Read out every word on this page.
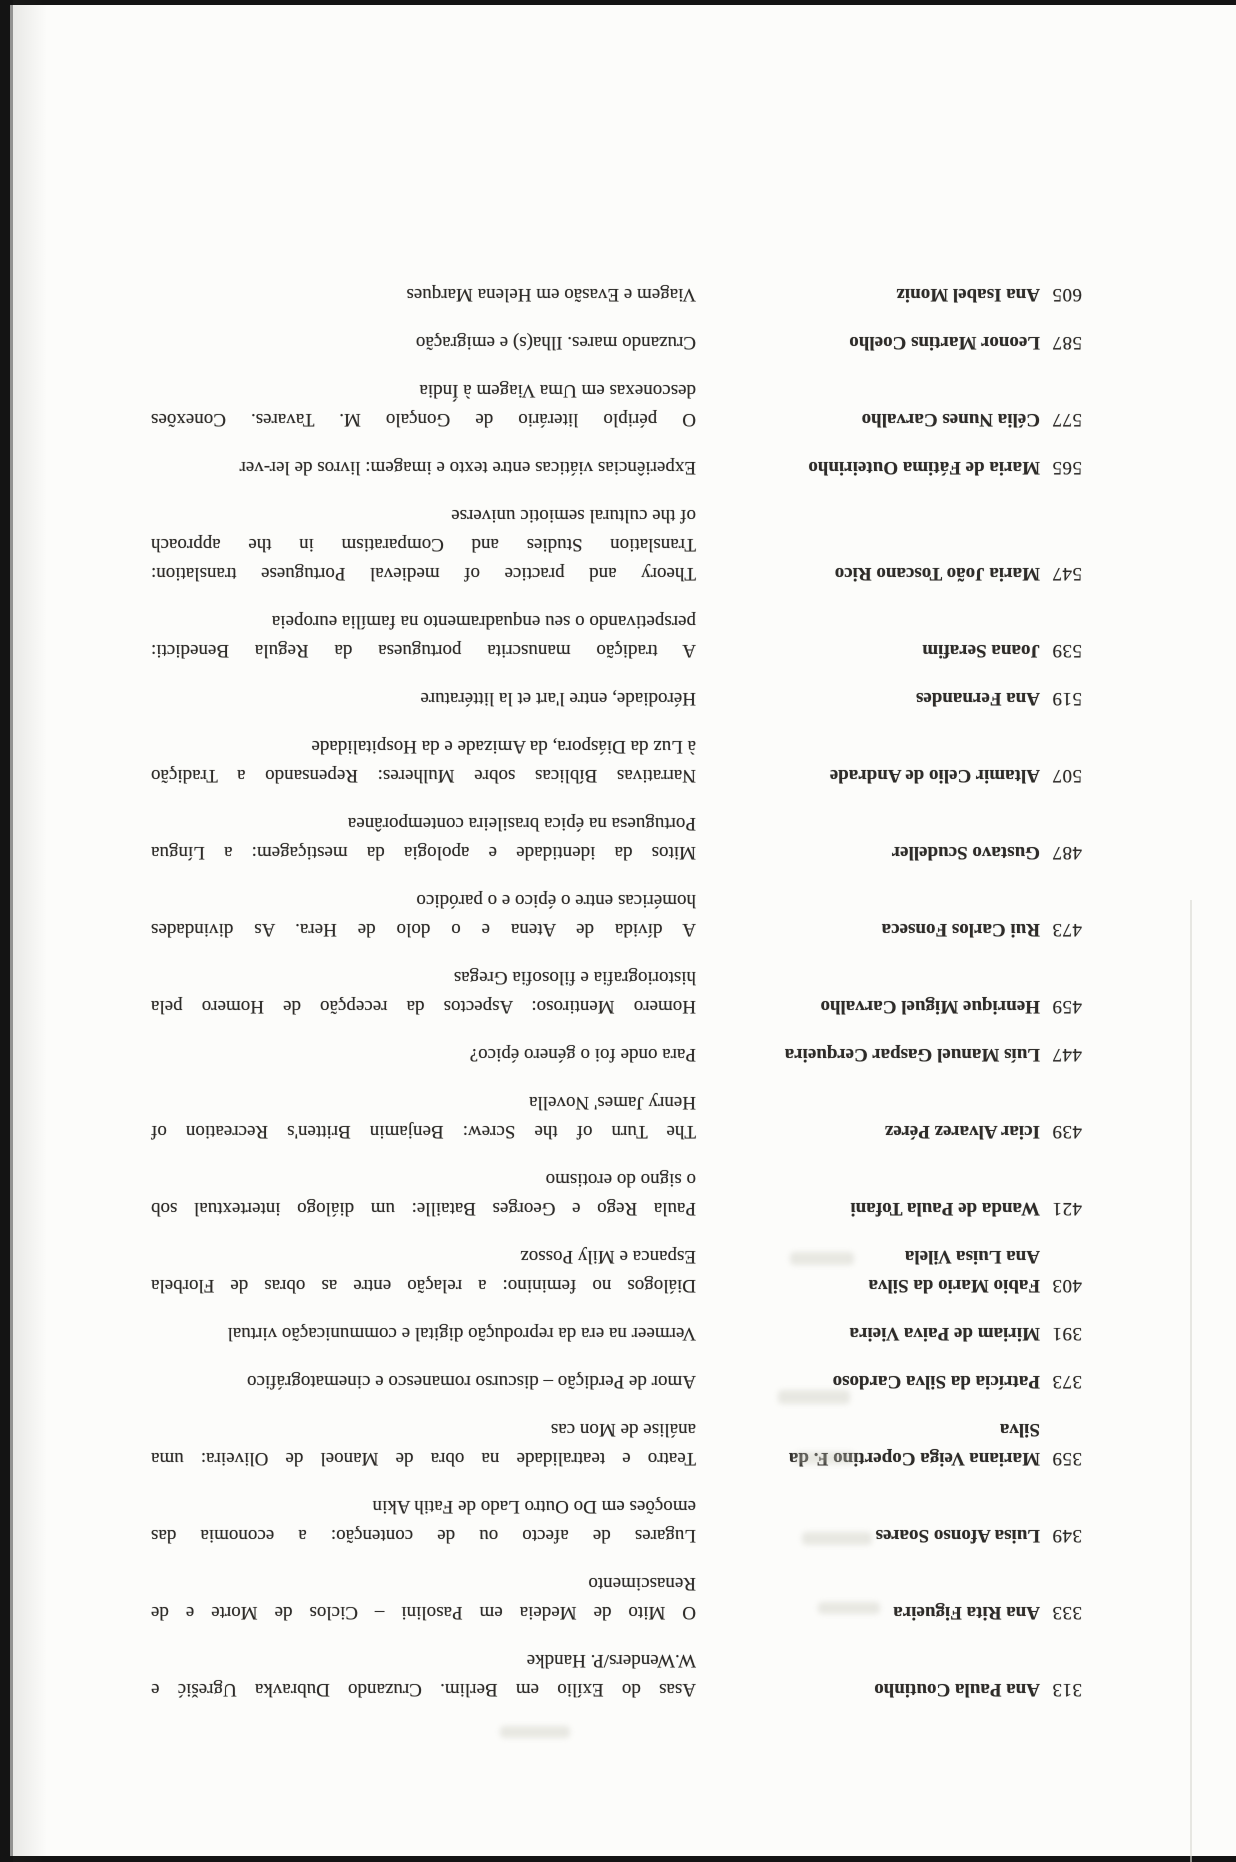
313
Ana Paula Coutinho
Asas do Exílio em Berlim. Cruzando Dubravka Ugrešić e
W.Wenders/P. Handke
333
Ana Rita Figueira
O Mito de Medeia em Pasolini – Ciclos de Morte e de
Renascimento
349
Luisa Afonso Soares
Lugares de afecto ou de contenção: a economia das
emoções em Do Outro Lado de Fatih Akin
359
Mariana Veiga Copertino F. da
Silva
Teatro e teatralidade na obra de Manoel de Oliveira: uma
análise de Mon cas
373
Patrícia da Silva Cardoso
Amor de Perdição – discurso romanesco e cinematográfico
391
Miriam de Paiva Vieira
Vermeer na era da reprodução digital e communicação virtual
403
Fabio Mario da Silva
Ana Luisa Vilela
Diálogos no feminino: a relação entre as obras de Florbela
Espanca e Mily Possoz
421
Wanda de Paula Tofani
Paula Rego e Georges Bataille: um diálogo intertextual sob
o signo do erotismo
439
Iciar Alvarez Pérez
The Turn of the Screw: Benjamin Britten's Recreation of
Henry James' Novella
447
Luís Manuel Gaspar Cerqueira
Para onde foi o género épico?
459
Henrique Miguel Carvalho
Homero Mentiroso: Aspectos da recepção de Homero pela
historiografia e filosofia Gregas
473
Rui Carlos Fonseca
A dívida de Atena e o dolo de Hera. As divindades
homéricas entre o épico e o paródico
487
Gustavo Scudeller
Mitos da identidade e apologia da mestiçagem: a Língua
Portuguesa na épica brasileira contemporânea
507
Altamir Celio de Andrade
Narrativas Bíblicas sobre Mulheres: Repensando a Tradição
à Luz da Diáspora, da Amizade e da Hospitalidade
519
Ana Fernandes
Hérodiade, entre l'art et la littérature
539
Joana Serafim
A tradição manuscrita portuguesa da Regula Benedicti:
perspetivando o seu enquadramento na família europeia
547
Maria João Toscano Rico
Theory and practice of medieval Portuguese translation:
Translation Studies and Comparatism in the approach
of the cultural semiotic universe
565
Maria de Fátima Outeirinho
Experiências viáticas entre texto e imagem: livros de ler-ver
577
Célia Nunes Carvalho
O périplo literário de Gonçalo M. Tavares. Conexões
desconexas em Uma Viagem à Índia
587
Leonor Martins Coelho
Cruzando mares. Ilha(s) e emigração
605
Ana Isabel Moniz
Viagem e Evasão em Helena Marques
